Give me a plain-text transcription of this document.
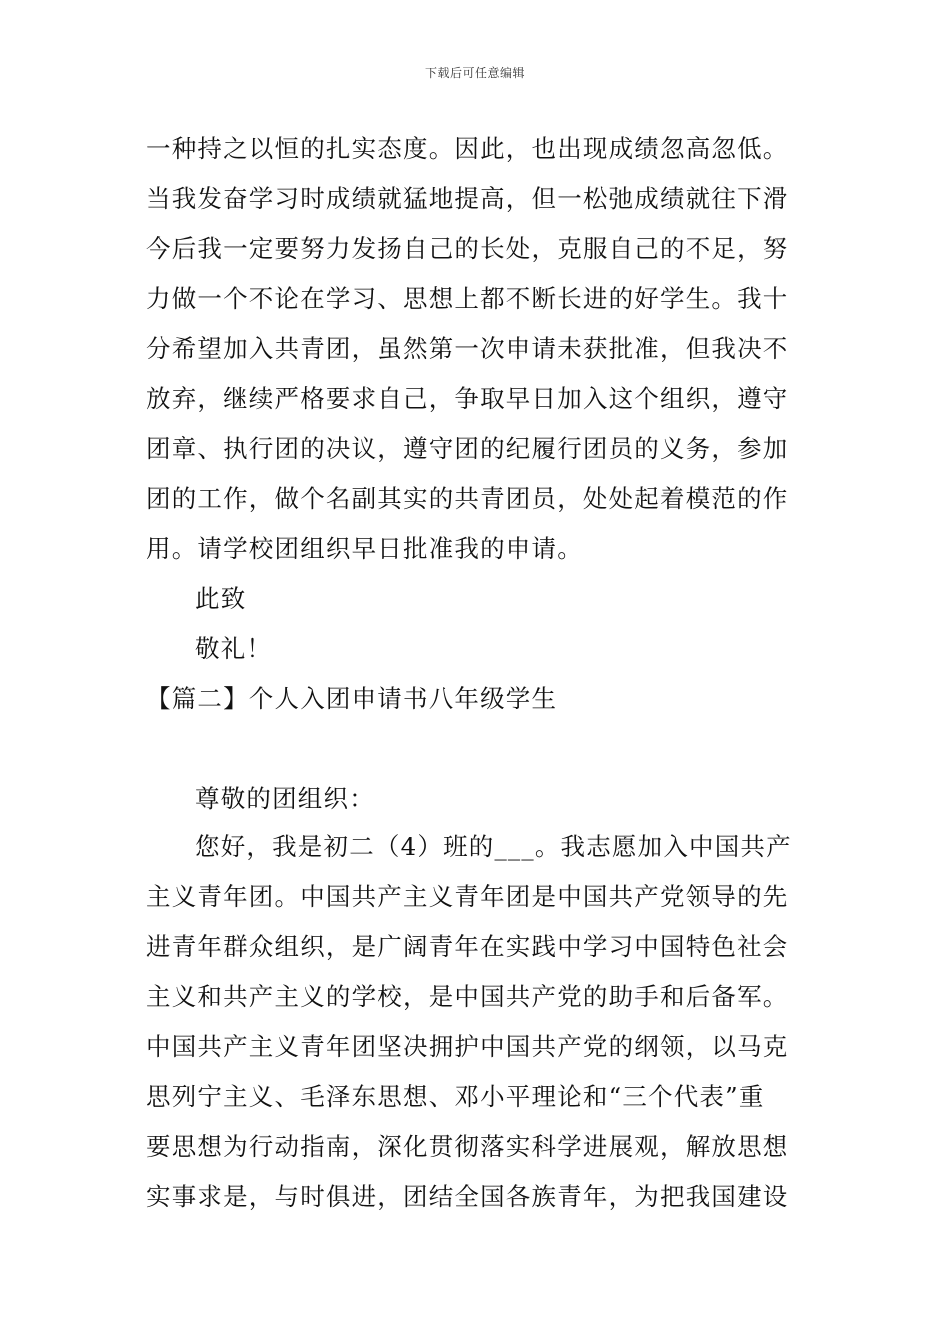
下载后可任意编辑
一种持之以恒的扎实态度。因此，也出现成绩忽高忽低。
当我发奋学习时成绩就猛地提高，但一松弛成绩就往下滑
今后我一定要努力发扬自己的长处，克服自己的不足，努
力做一个不论在学习、思想上都不断长进的好学生。我十
分希望加入共青团，虽然第一次申请未获批准，但我决不
放弃，继续严格要求自己，争取早日加入这个组织，遵守
团章、执行团的决议，遵守团的纪履行团员的义务，参加
团的工作，做个名副其实的共青团员，处处起着模范的作
用。请学校团组织早日批准我的申请。
此致
敬礼！
【篇二】个人入团申请书八年级学生
尊敬的团组织：
您好，我是初二（4）班的___。我志愿加入中国共产
主义青年团。中国共产主义青年团是中国共产党领导的先
进青年群众组织，是广阔青年在实践中学习中国特色社会
主义和共产主义的学校，是中国共产党的助手和后备军。
中国共产主义青年团坚决拥护中国共产党的纲领，以马克
思列宁主义、毛泽东思想、邓小平理论和“三个代表”重
要思想为行动指南，深化贯彻落实科学进展观，解放思想
实事求是，与时俱进，团结全国各族青年，为把我国建设
